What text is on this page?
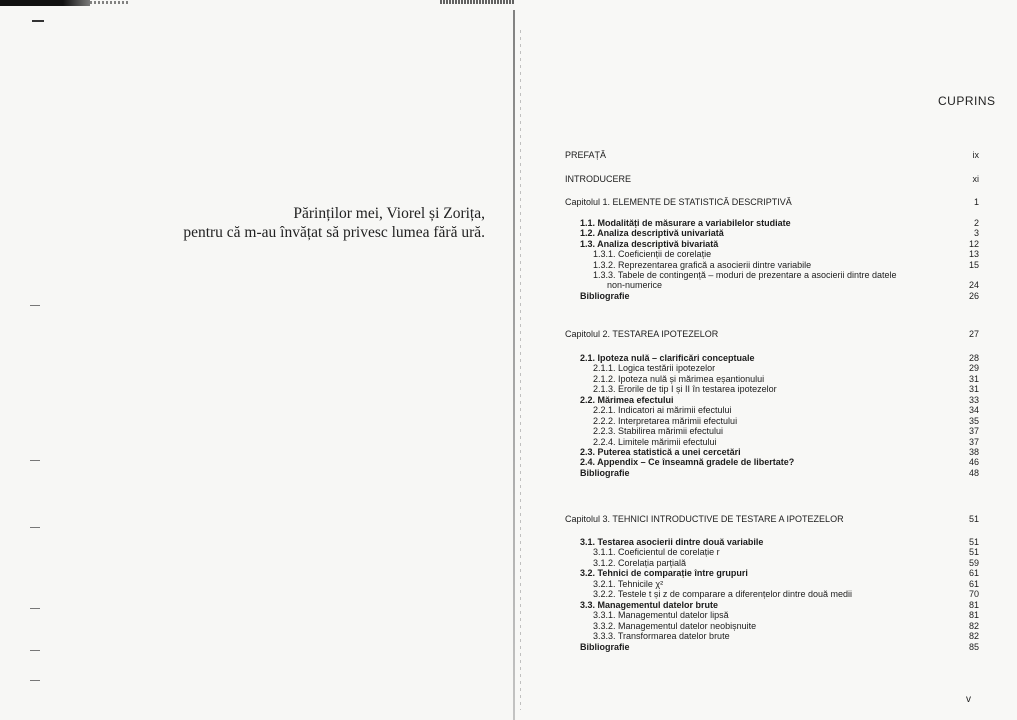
Părinților mei, Viorel și Zorița,
pentru că m-au învățat să privesc lumea fără ură.
CUPRINS
PREFAȚĂ	ix
INTRODUCERE	xi
Capitolul 1. ELEMENTE DE STATISTICĂ DESCRIPTIVĂ	1
1.1. Modalități de măsurare a variabilelor studiate	2
1.2. Analiza descriptivă univariată	3
1.3. Analiza descriptivă bivariată	12
1.3.1. Coeficienții de corelație	13
1.3.2. Reprezentarea grafică a asocierii dintre variabile	15
1.3.3. Tabele de contingență – moduri de prezentare a asocierii dintre datele
non-numerice	24
Bibliografie	26
Capitolul 2. TESTAREA IPOTEZELOR	27
2.1. Ipoteza nulă – clarificări conceptuale	28
2.1.1. Logica testării ipotezelor	29
2.1.2. Ipoteza nulă și mărimea eșantionului	31
2.1.3. Erorile de tip I și II în testarea ipotezelor	31
2.2. Mărimea efectului	33
2.2.1. Indicatori ai mărimii efectului	34
2.2.2. Interpretarea mărimii efectului	35
2.2.3. Stabilirea mărimii efectului	37
2.2.4. Limitele mărimii efectului	37
2.3. Puterea statistică a unei cercetări	38
2.4. Appendix – Ce înseamnă gradele de libertate?	46
Bibliografie	48
Capitolul 3. TEHNICI INTRODUCTIVE DE TESTARE A IPOTEZELOR	51
3.1. Testarea asocierii dintre două variabile	51
3.1.1. Coeficientul de corelație r	51
3.1.2. Corelația parțială	59
3.2. Tehnici de comparație între grupuri	61
3.2.1. Tehnicile χ²	61
3.2.2. Testele t și z de comparare a diferențelor dintre două medii	70
3.3. Managementul datelor brute	81
3.3.1. Managementul datelor lipsă	81
3.3.2. Managementul datelor neobișnuite	82
3.3.3. Transformarea datelor brute	82
Bibliografie	85
v
